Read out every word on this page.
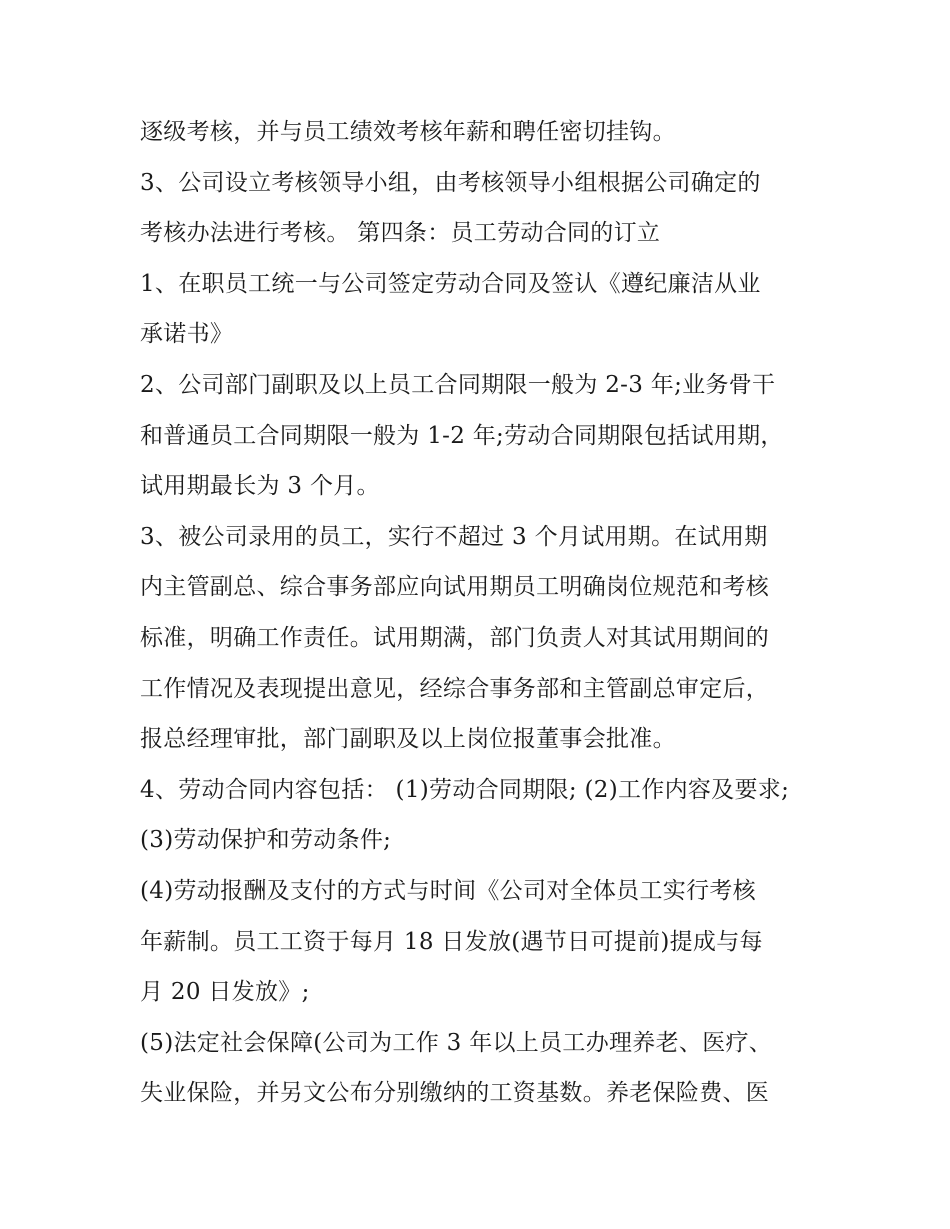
逐级考核，并与员工绩效考核年薪和聘任密切挂钩。
3、公司设立考核领导小组，由考核领导小组根据公司确定的
考核办法进行考核。 第四条：员工劳动合同的订立
1、在职员工统一与公司签定劳动合同及签认《遵纪廉洁从业
承诺书》
2、公司部门副职及以上员工合同期限一般为 2-3 年;业务骨干
和普通员工合同期限一般为 1-2 年;劳动合同期限包括试用期，
试用期最长为 3 个月。
3、被公司录用的员工，实行不超过 3 个月试用期。在试用期
内主管副总、综合事务部应向试用期员工明确岗位规范和考核
标准，明确工作责任。试用期满，部门负责人对其试用期间的
工作情况及表现提出意见，经综合事务部和主管副总审定后，
报总经理审批，部门副职及以上岗位报董事会批准。
4、劳动合同内容包括： (1)劳动合同期限; (2)工作内容及要求;
(3)劳动保护和劳动条件;
(4)劳动报酬及支付的方式与时间《公司对全体员工实行考核
年薪制。员工工资于每月 18 日发放(遇节日可提前)提成与每
月 20 日发放》;
(5)法定社会保障(公司为工作 3 年以上员工办理养老、医疗、
失业保险，并另文公布分别缴纳的工资基数。养老保险费、医
